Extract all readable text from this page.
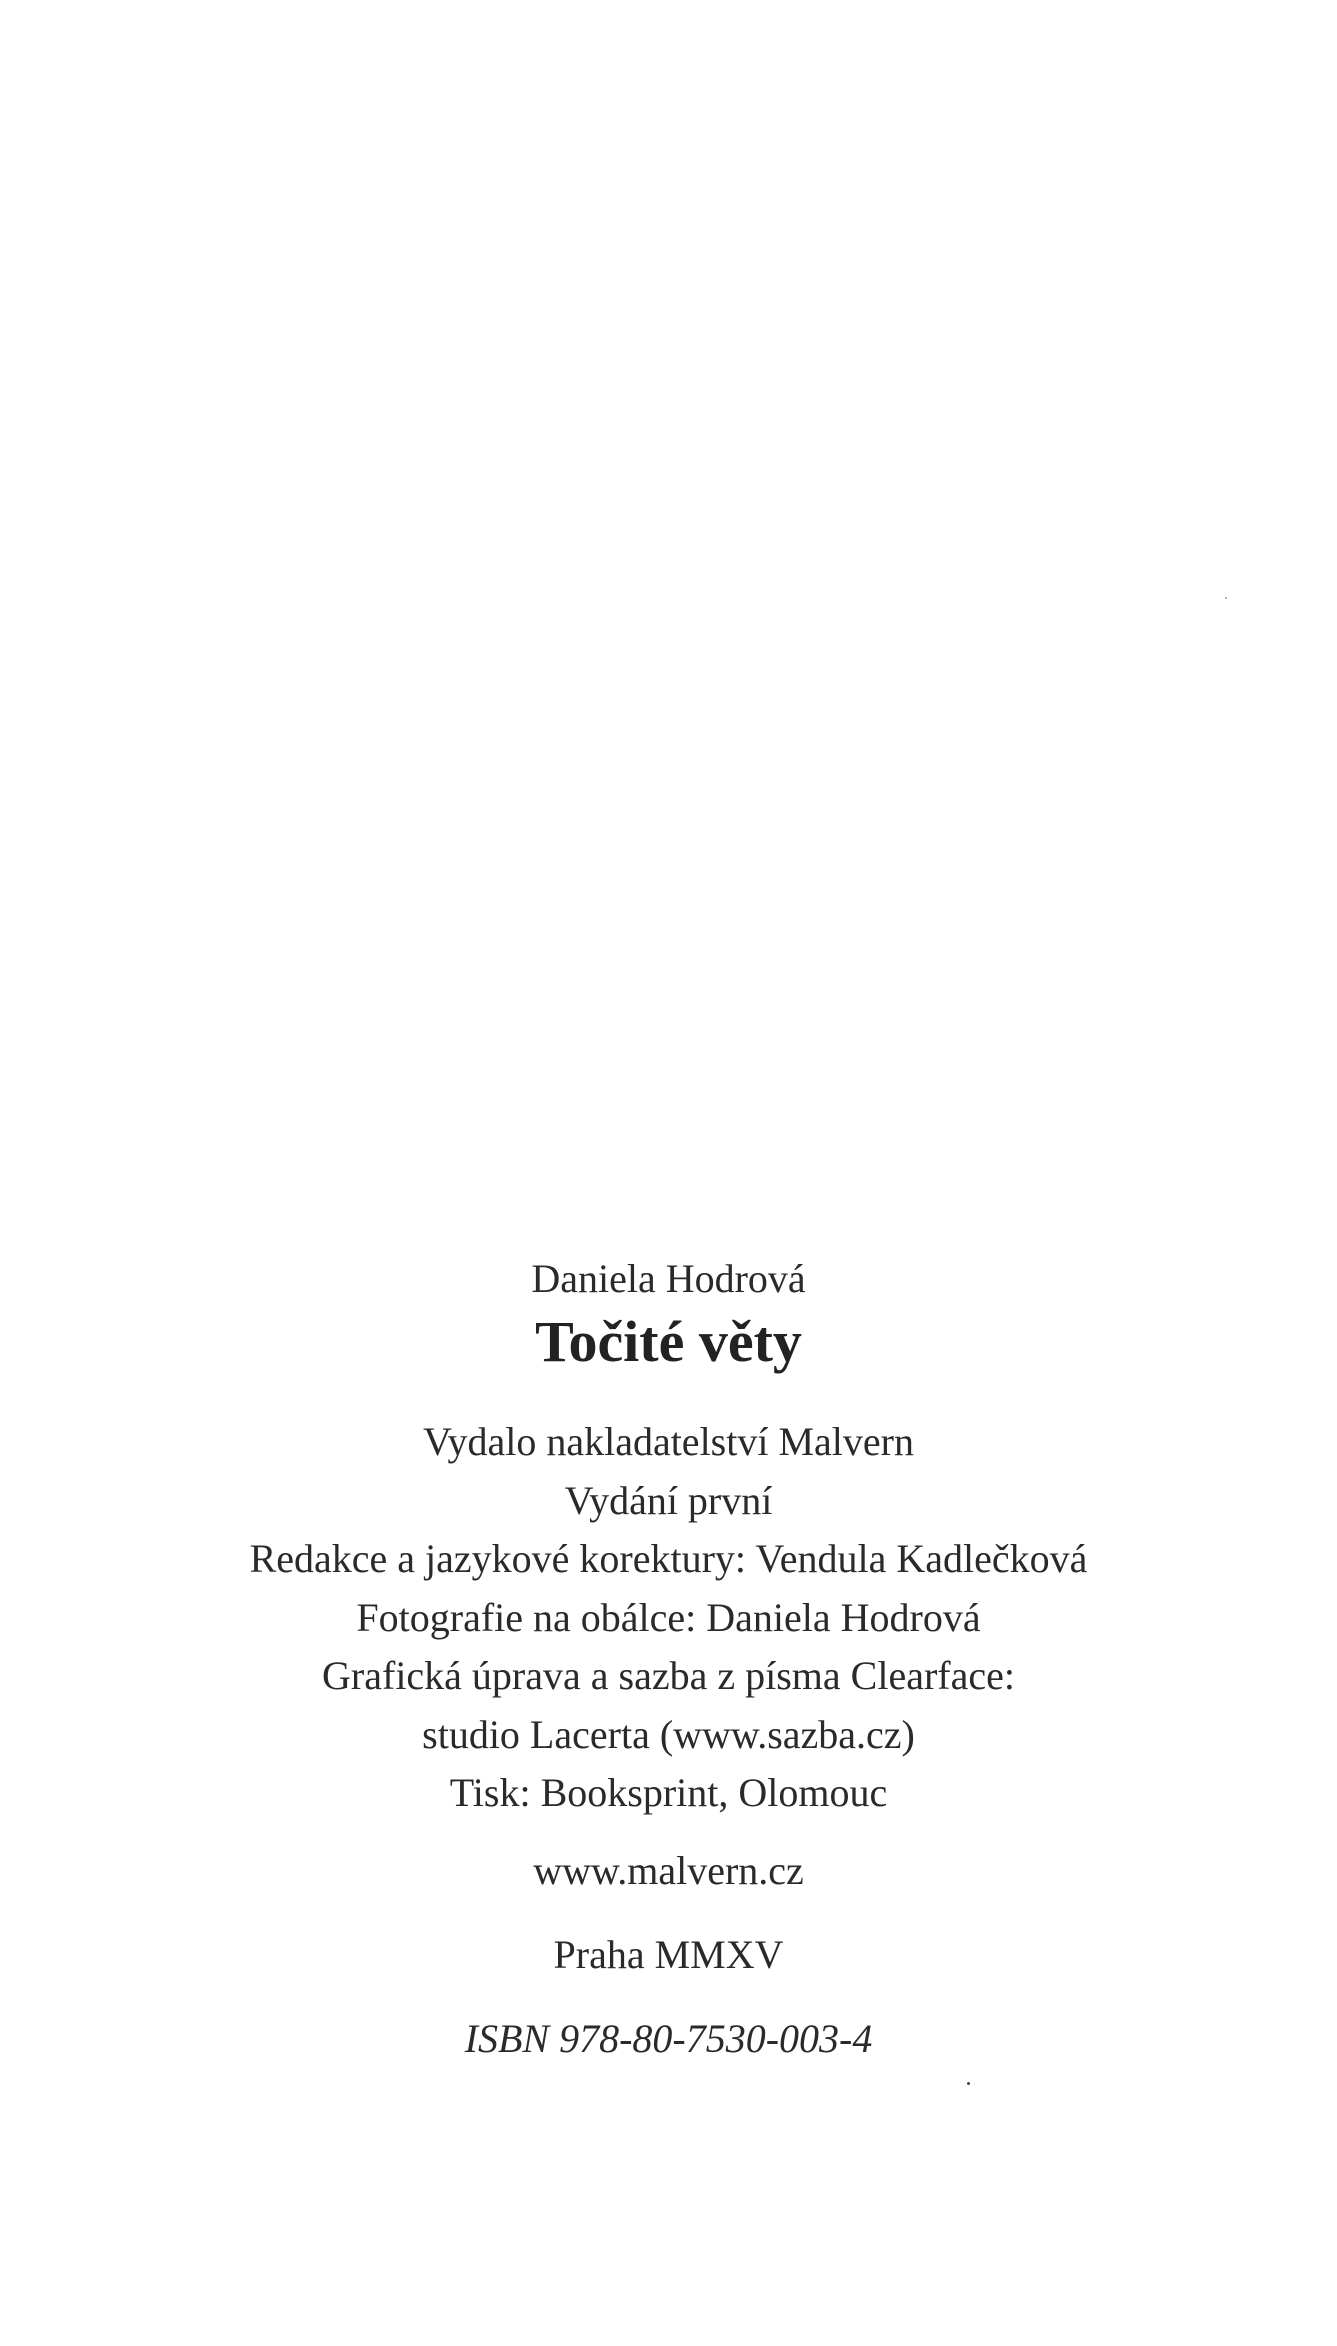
Daniela Hodrová

Točité věty

Vydalo nakladatelství Malvern

Vydání první

Redakce a jazykové korektury: Vendula Kadlečková

Fotografie na obálce: Daniela Hodrová

Grafická úprava a sazba z písma Clearface:

studio Lacerta (www.sazba.cz)

Tisk: Booksprint, Olomouc

www.malvern.cz

Praha MMXV

ISBN 978-80-7530-003-4
